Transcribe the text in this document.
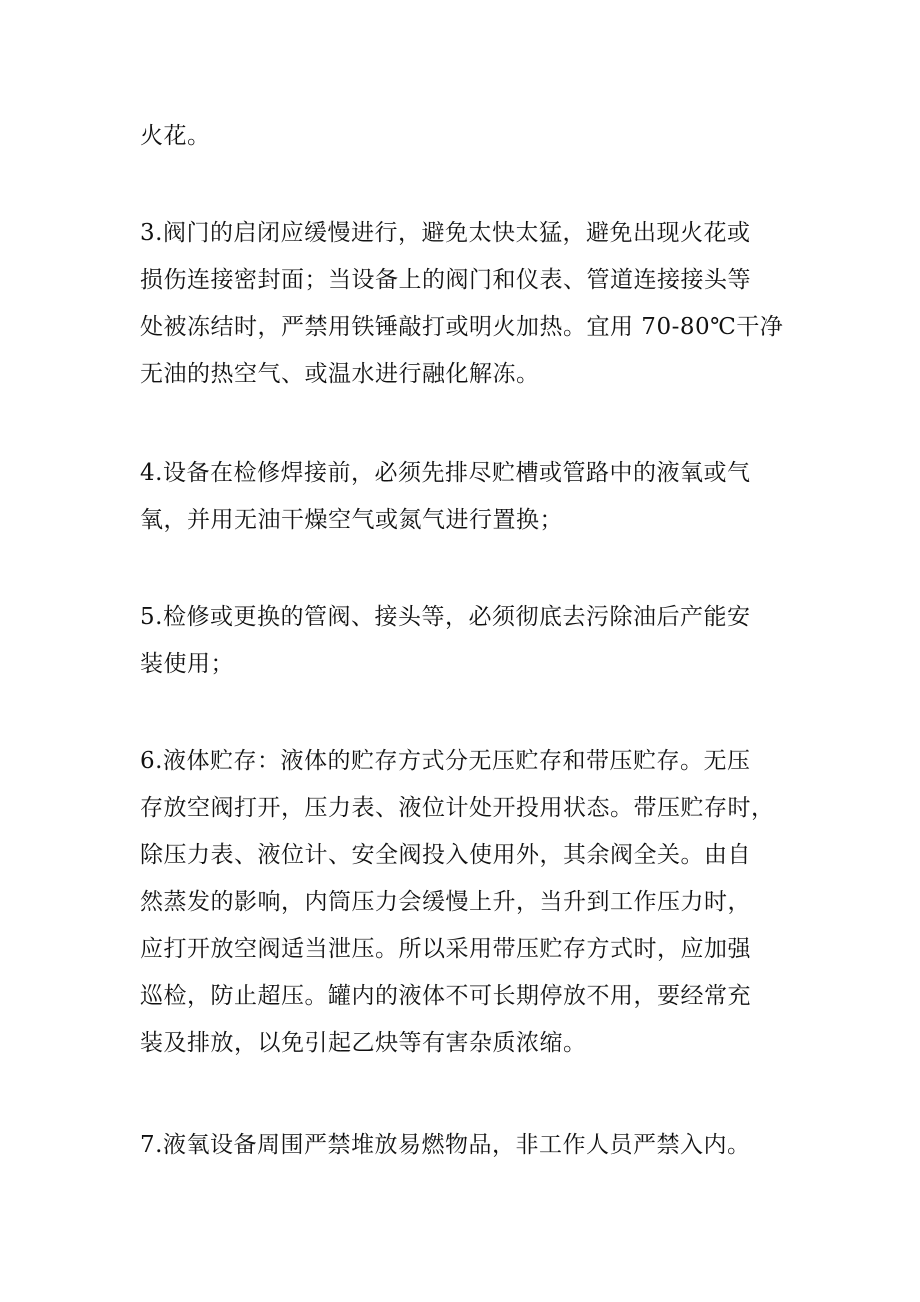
火花。

3.阀门的启闭应缓慢进行，避免太快太猛，避免出现火花或
损伤连接密封面；当设备上的阀门和仪表、管道连接接头等
处被冻结时，严禁用铁锤敲打或明火加热。宜用 70-80℃干净
无油的热空气、或温水进行融化解冻。

4.设备在检修焊接前，必须先排尽贮槽或管路中的液氧或气
氧，并用无油干燥空气或氮气进行置换；

5.检修或更换的管阀、接头等，必须彻底去污除油后产能安
装使用；

6.液体贮存：液体的贮存方式分无压贮存和带压贮存。无压
存放空阀打开，压力表、液位计处开投用状态。带压贮存时，
除压力表、液位计、安全阀投入使用外，其余阀全关。由自
然蒸发的影响，内筒压力会缓慢上升，当升到工作压力时，
应打开放空阀适当泄压。所以采用带压贮存方式时，应加强
巡检，防止超压。罐内的液体不可长期停放不用，要经常充
装及排放，以免引起乙炔等有害杂质浓缩。

7.液氧设备周围严禁堆放易燃物品，非工作人员严禁入内。
